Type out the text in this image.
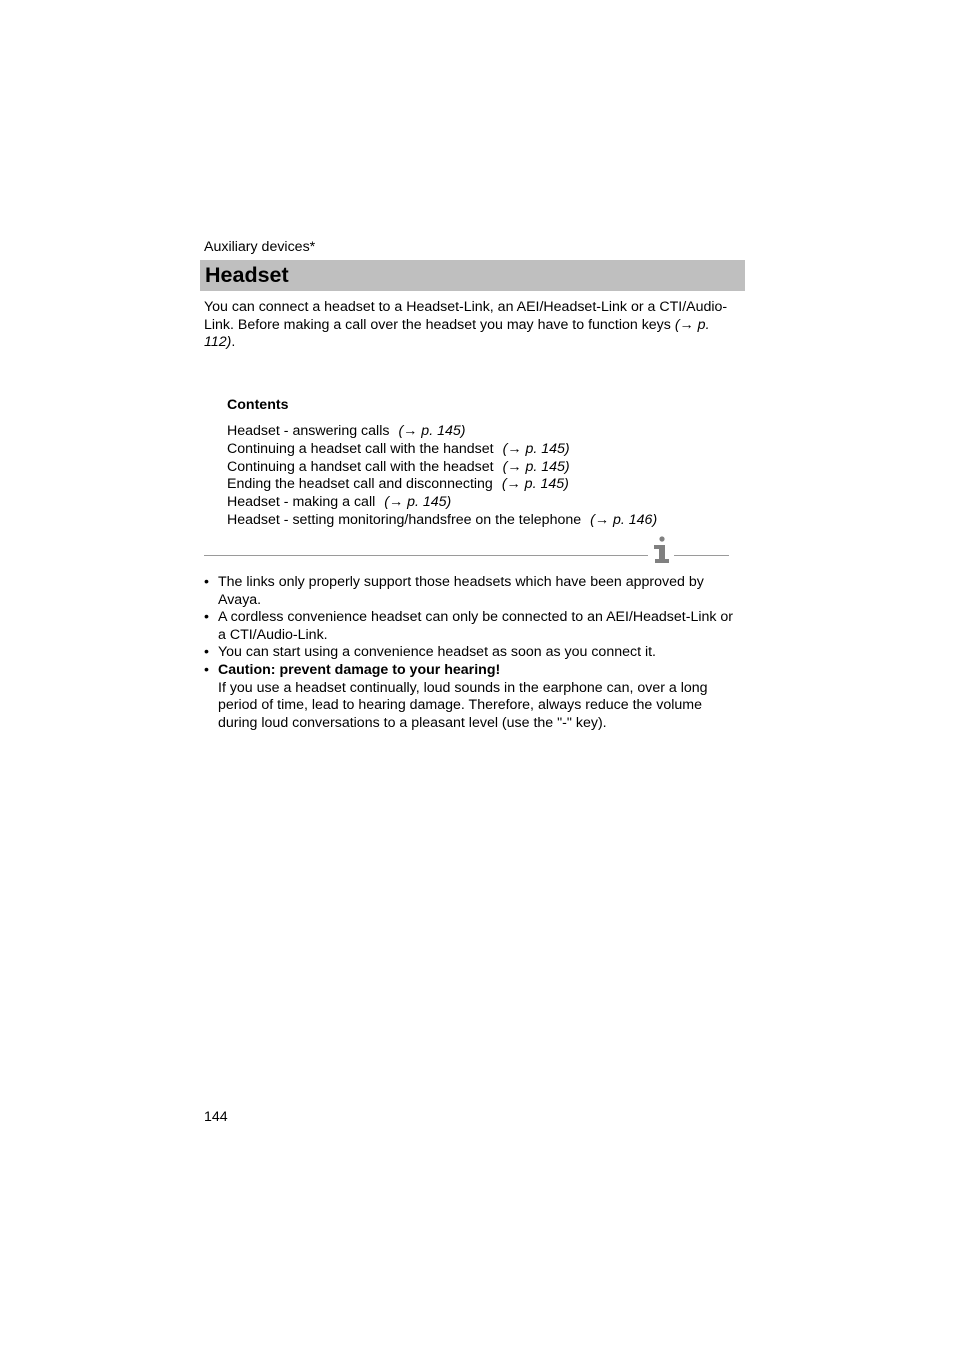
Auxiliary devices*
Headset
You can connect a headset to a Headset-Link, an AEI/Headset-Link or a CTI/Audio-Link. Before making a call over the headset you may have to function keys (→ p. 112).
Contents
Headset - answering calls (→ p. 145)
Continuing a headset call with the handset (→ p. 145)
Continuing a handset call with the headset (→ p. 145)
Ending the headset call and disconnecting (→ p. 145)
Headset - making a call (→ p. 145)
Headset - setting monitoring/handsfree on the telephone (→ p. 146)
• The links only properly support those headsets which have been approved by Avaya.
• A cordless convenience headset can only be connected to an AEI/Headset-Link or a CTI/Audio-Link.
• You can start using a convenience headset as soon as you connect it.
• Caution: prevent damage to your hearing!
If you use a headset continually, loud sounds in the earphone can, over a long period of time, lead to hearing damage. Therefore, always reduce the volume during loud conversations to a pleasant level (use the "-" key).
144
